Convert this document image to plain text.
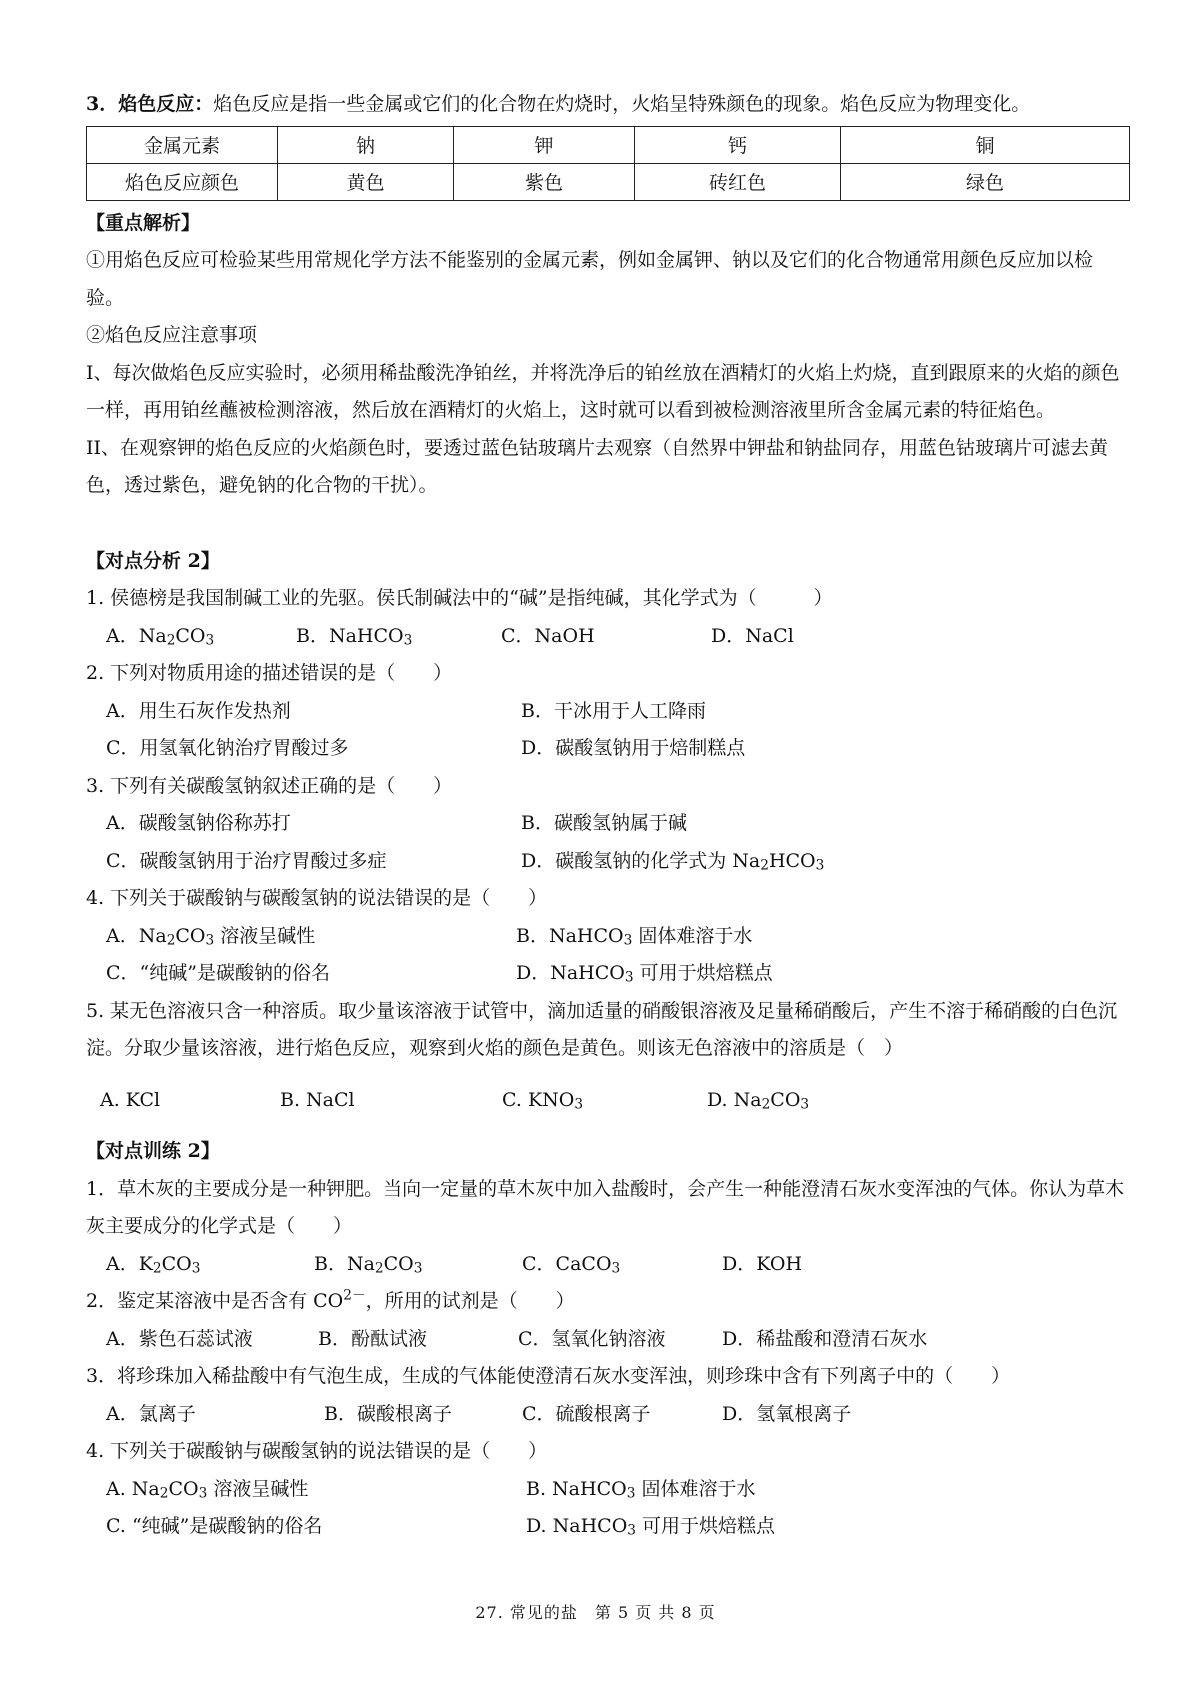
3．焰色反应：焰色反应是指一些金属或它们的化合物在灼烧时，火焰呈特殊颜色的现象。焰色反应为物理变化。
金属元素	钠	钾	钙	铜
焰色反应颜色	黄色	紫色	砖红色	绿色
【重点解析】
①用焰色反应可检验某些用常规化学方法不能鉴别的金属元素，例如金属钾、钠以及它们的化合物通常用颜色反应加以检验。
②焰色反应注意事项
I、每次做焰色反应实验时，必须用稀盐酸洗净铂丝，并将洗净后的铂丝放在酒精灯的火焰上灼烧，直到跟原来的火焰的颜色一样，再用铂丝蘸被检测溶液，然后放在酒精灯的火焰上，这时就可以看到被检测溶液里所含金属元素的特征焰色。
II、在观察钾的焰色反应的火焰颜色时，要透过蓝色钴玻璃片去观察（自然界中钾盐和钠盐同存，用蓝色钴玻璃片可滤去黄色，透过紫色，避免钠的化合物的干扰）。
【对点分析 2】
1. 侯德榜是我国制碱工业的先驱。侯氏制碱法中的“碱”是指纯碱，其化学式为（　　　）
A．$Na_2CO_3$	B．NaHCO$_3$	C．NaOH	D．NaCl
2. 下列对物质用途的描述错误的是（　　）
A．用生石灰作发热剂	B．干冰用于人工降雨
C．用氢氧化钠治疗胃酸过多	D．碳酸氢钠用于焙制糕点
3. 下列有关碳酸氢钠叙述正确的是（　　）
A．碳酸氢钠俗称苏打	B．碳酸氢钠属于碱
C．碳酸氢钠用于治疗胃酸过多症	D．碳酸氢钠的化学式为 $Na_2HCO_3$
4. 下列关于碳酸钠与碳酸氢钠的说法错误的是（　　）
A．$Na_2CO_3$ 溶液呈碱性	B．NaHCO$_3$ 固体难溶于水
C．“纯碱”是碳酸钠的俗名	D．NaHCO$_3$ 可用于烘焙糕点
5. 某无色溶液只含一种溶质。取少量该溶液于试管中，滴加适量的硝酸银溶液及足量稀硝酸后，产生不溶于稀硝酸的白色沉淀。分取少量该溶液，进行焰色反应，观察到火焰的颜色是黄色。则该无色溶液中的溶质是（　）
A. KCl	B. NaCl	C. $KNO_3$	D. $Na_2CO_3$
【对点训练 2】
1．草木灰的主要成分是一种钾肥。当向一定量的草木灰中加入盐酸时，会产生一种能澄清石灰水变浑浊的气体。你认为草木灰主要成分的化学式是（　　）
A．$K_2CO_3$	B．$Na_2CO_3$	C．CaCO$_3$	D．KOH
2．鉴定某溶液中是否含有 $CO^{2-}$，所用的试剂是（　　）
A．紫色石蕊试液	B．酚酞试液	C．氢氧化钠溶液	D．稀盐酸和澄清石灰水
3．将珍珠加入稀盐酸中有气泡生成，生成的气体能使澄清石灰水变浑浊，则珍珠中含有下列离子中的（　　）
A．氯离子	B．碳酸根离子	C．硫酸根离子	D．氢氧根离子
4. 下列关于碳酸钠与碳酸氢钠的说法错误的是（　　）
A. $Na_2CO_3$ 溶液呈碱性	B. NaHCO$_3$ 固体难溶于水
C. “纯碱”是碳酸钠的俗名	D. NaHCO$_3$ 可用于烘焙糕点
27. 常见的盐　第 5 页 共 8 页
